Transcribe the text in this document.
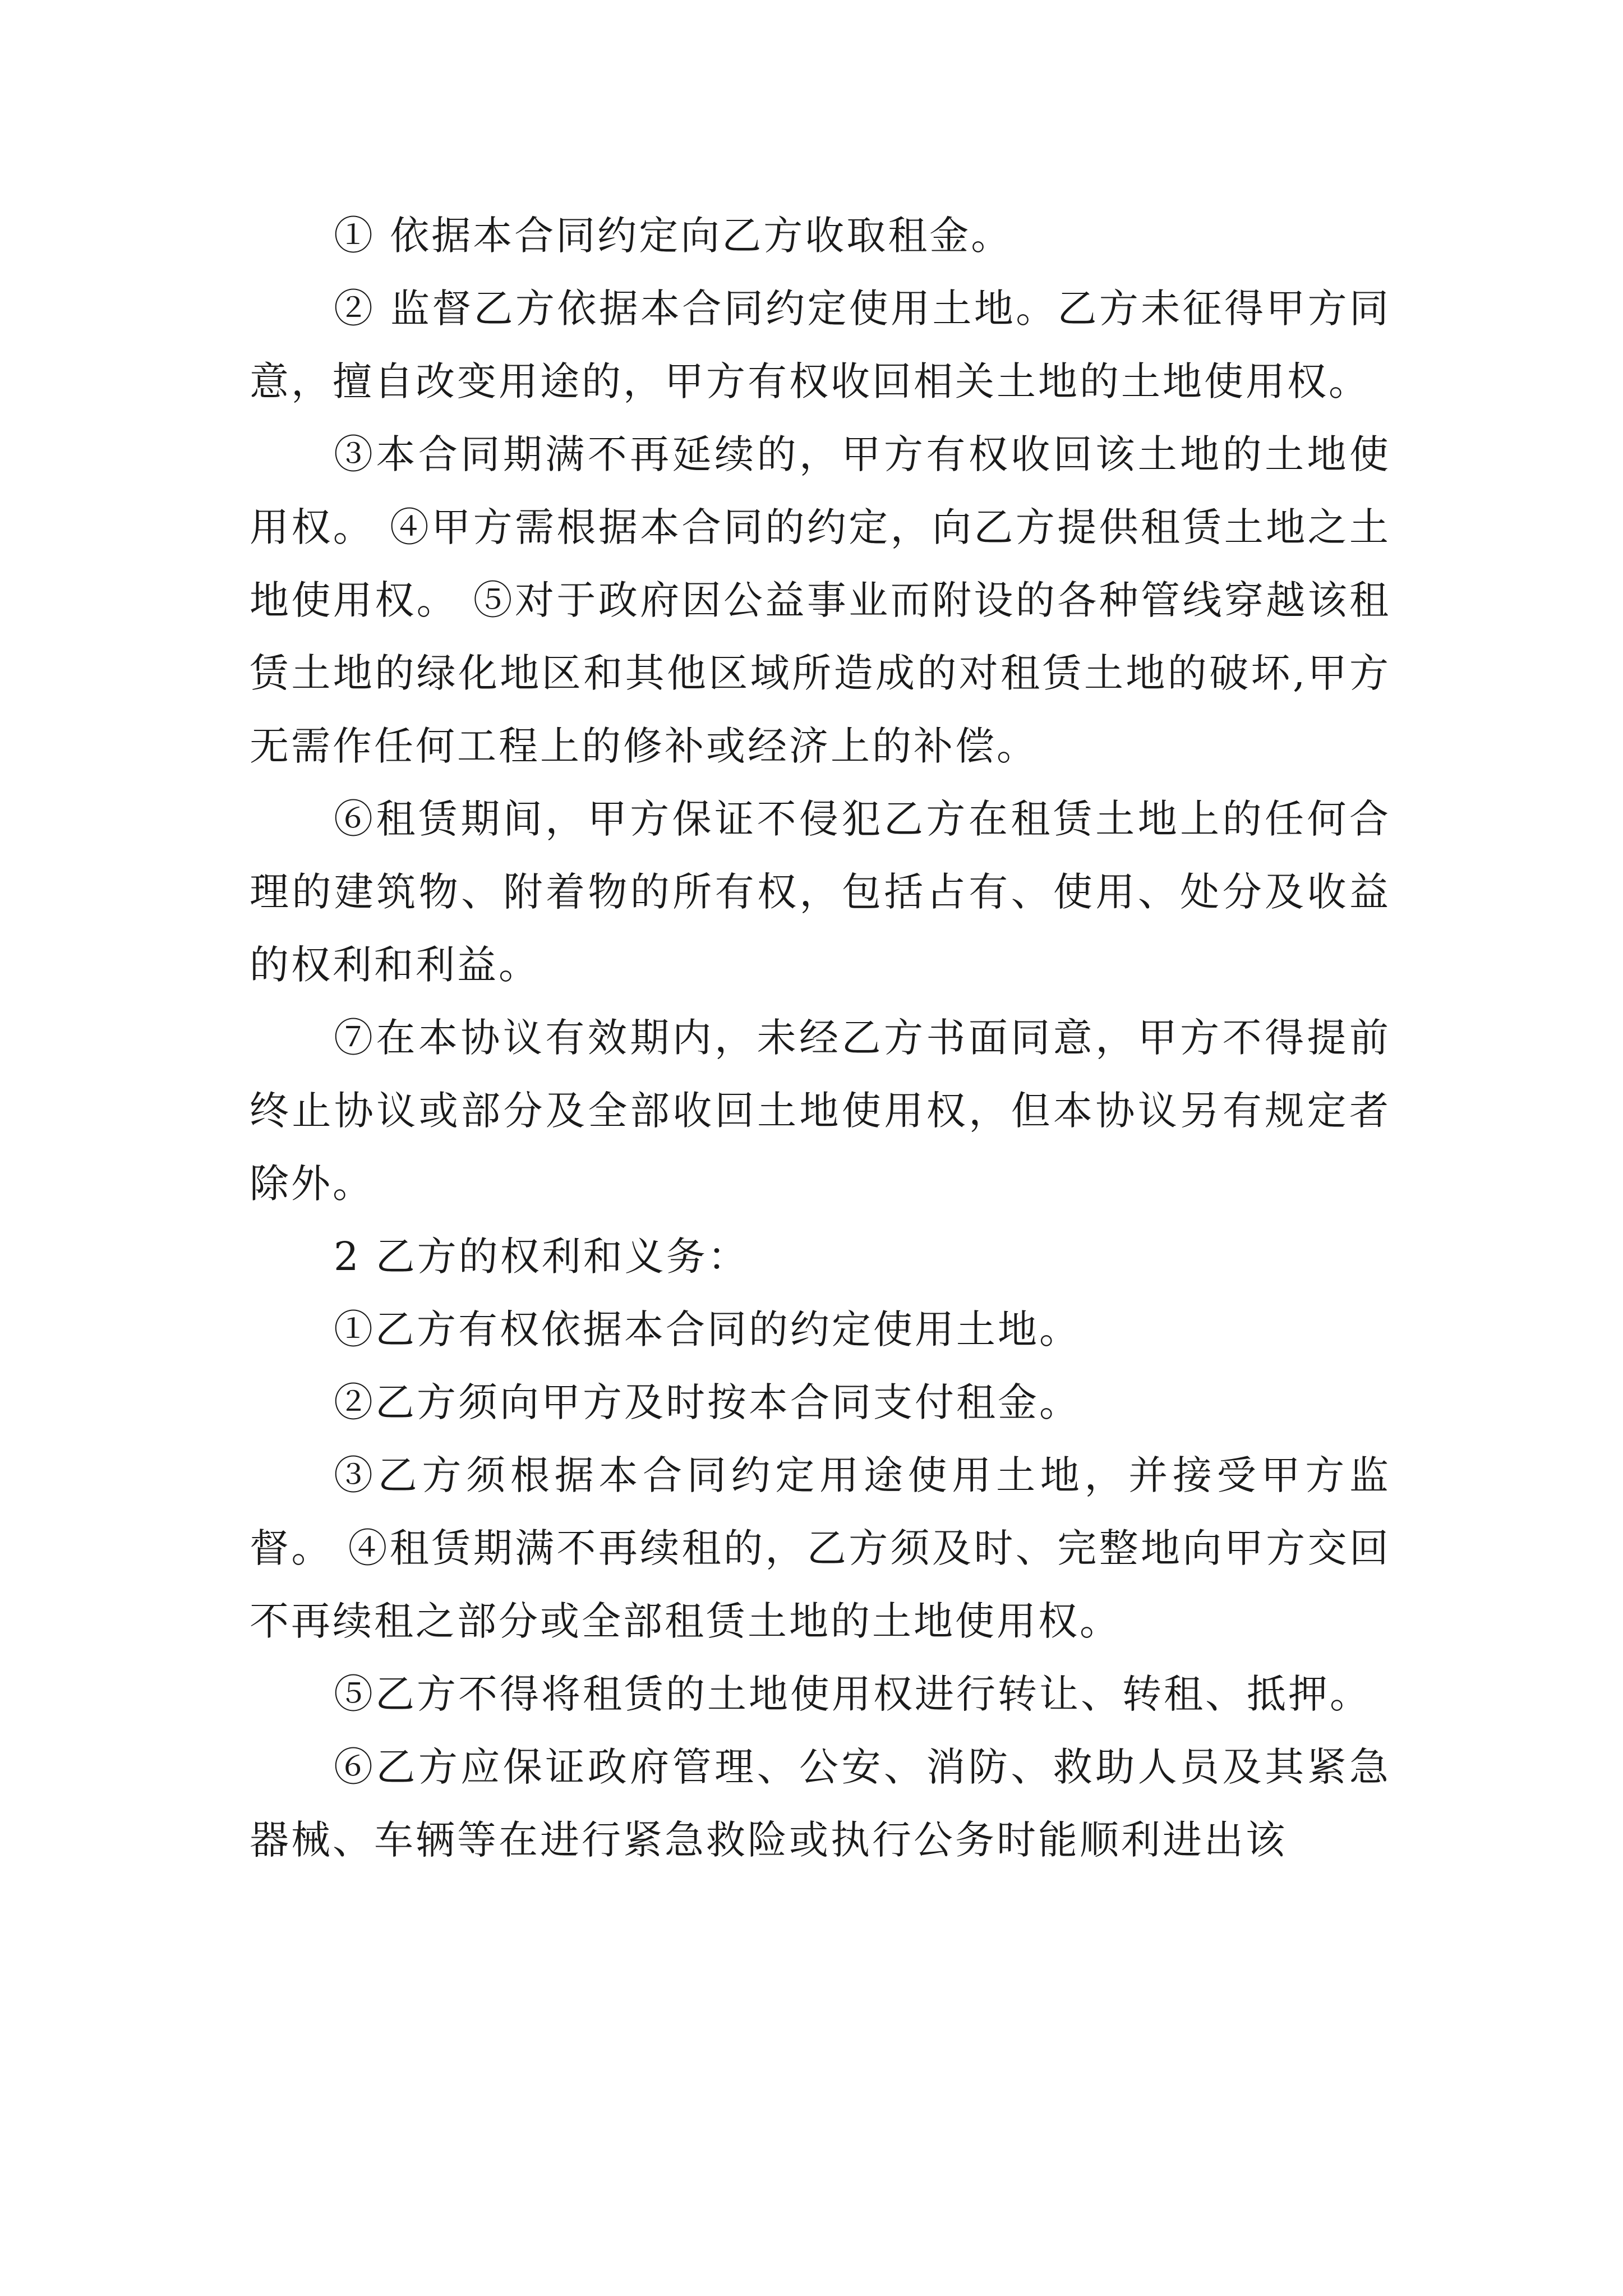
① 依据本合同约定向乙方收取租金。

② 监督乙方依据本合同约定使用土地。乙方未征得甲方同意，擅自改变用途的，甲方有权收回相关土地的土地使用权。

③本合同期满不再延续的，甲方有权收回该土地的土地使用权。 ④甲方需根据本合同的约定，向乙方提供租赁土地之土地使用权。 ⑤对于政府因公益事业而附设的各种管线穿越该租赁土地的绿化地区和其他区域所造成的对租赁土地的破坏,甲方无需作任何工程上的修补或经济上的补偿。

⑥租赁期间，甲方保证不侵犯乙方在租赁土地上的任何合理的建筑物、附着物的所有权，包括占有、使用、处分及收益的权利和利益。

⑦在本协议有效期内，未经乙方书面同意，甲方不得提前终止协议或部分及全部收回土地使用权，但本协议另有规定者除外。

2 乙方的权利和义务：

①乙方有权依据本合同的约定使用土地。

②乙方须向甲方及时按本合同支付租金。

③乙方须根据本合同约定用途使用土地，并接受甲方监督。 ④租赁期满不再续租的，乙方须及时、完整地向甲方交回不再续租之部分或全部租赁土地的土地使用权。

⑤乙方不得将租赁的土地使用权进行转让、转租、抵押。

⑥乙方应保证政府管理、公安、消防、救助人员及其紧急器械、车辆等在进行紧急救险或执行公务时能顺利进出该
